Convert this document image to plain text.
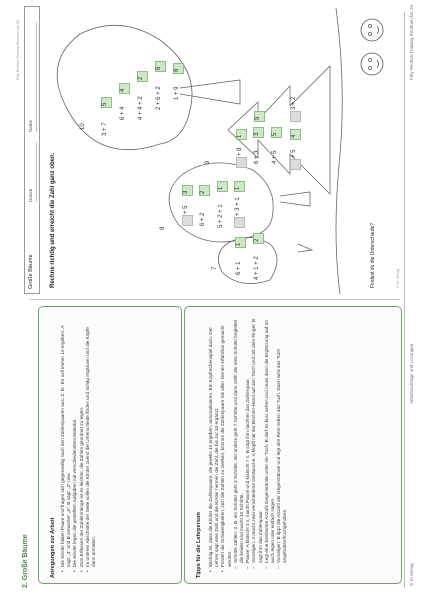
2. Große Bäume	Anregungen zur Arbeit • Die Kinder bilden Paare und fragen sich gegenseitig nach den Zahlenpaaren aus. Z. B.: Es soll immer 10 ergeben. A sagt: „4“ und B antwortet: „6“. B sagt: „2“ usw. • Die Kinder legen die gestellten Aufgaben mit verschiedenstem Material. • Zum Erfassen der Zahlenmenge ist es leichter, die Zahlen geordnet zu legen. • Im unteren Abschnitte der Seite sollen die Kinder zuerst die Unterschiede finden und richtig ergänzen und die Köpfe dann anmalen.	Tipps für die Lehrperson • Wichtig ist, dass die Kinder die Zahlenpaare, die jeweils 10 ergeben, automatisieren. Ein Kopfrechenspiel dazu: Der Lehrer sagt eine Zahl und die Kinder nennen die Zahl, die bis zur 10 ergänzt. • Fördert die Schwierigkeiten, sich die Zahlen zu merken, können die Zahlenpaare mit allen Sinnen erfahrbar gemacht werden. – Schritte zählen: Z. B. ein Schüler geht 3 Schritte, der andere geht 7 Schritte und dann zählt der eine Schüler begleitet die beiden und macht 10 Schritte. – Pause: A klatscht 3 x, macht Pause und klatscht 7 x. B sagt ihm nachher das Zahlenpaar. – Vorzeigen: A macht zwei verschiedene Geräusche. A klopft mit der Rechen-Hand auf den Tisch und mit dem Finger. B sagt ihm das Zahlenpaar. – Legt eine bestimmte Anzahl Gegenstände unter ein Tuch. B darf es kurz sehen und muss dann die Ergänzung auf 10 auch legen oder einfach sagen. – Vorzeigen: B tippt die Anzahl der Gegenstände und legt den Rest neben das Tuch. Dann wird das Tuch angehoben/hochgehoben.
© Kl Verlag
Arbeitsaufträge und Lösungen
Fitty Rechen Training Rechnen bis 20
Große Bäume
Datum
Name
Fitty Rechen Training Rechnen bis 20
Rechne richtig und erreicht die Zahl ganz oben.	7
8
9
10
6 + 1
1
4 + 1 + 2
2
+ 5
3
6 + 2
2
5 + 2 + 1
1
+ 3 + 1
1
+ 8
1
6 + 3
3
4 + 5
5
+ 5
4
9
3 + 2
3 + 7
5
6 + 4
4
4 + 4 + 2
2
2 + 6 + 2
6
1 + 9
8
Findest du die Unterschiede?	© KL Verlag
